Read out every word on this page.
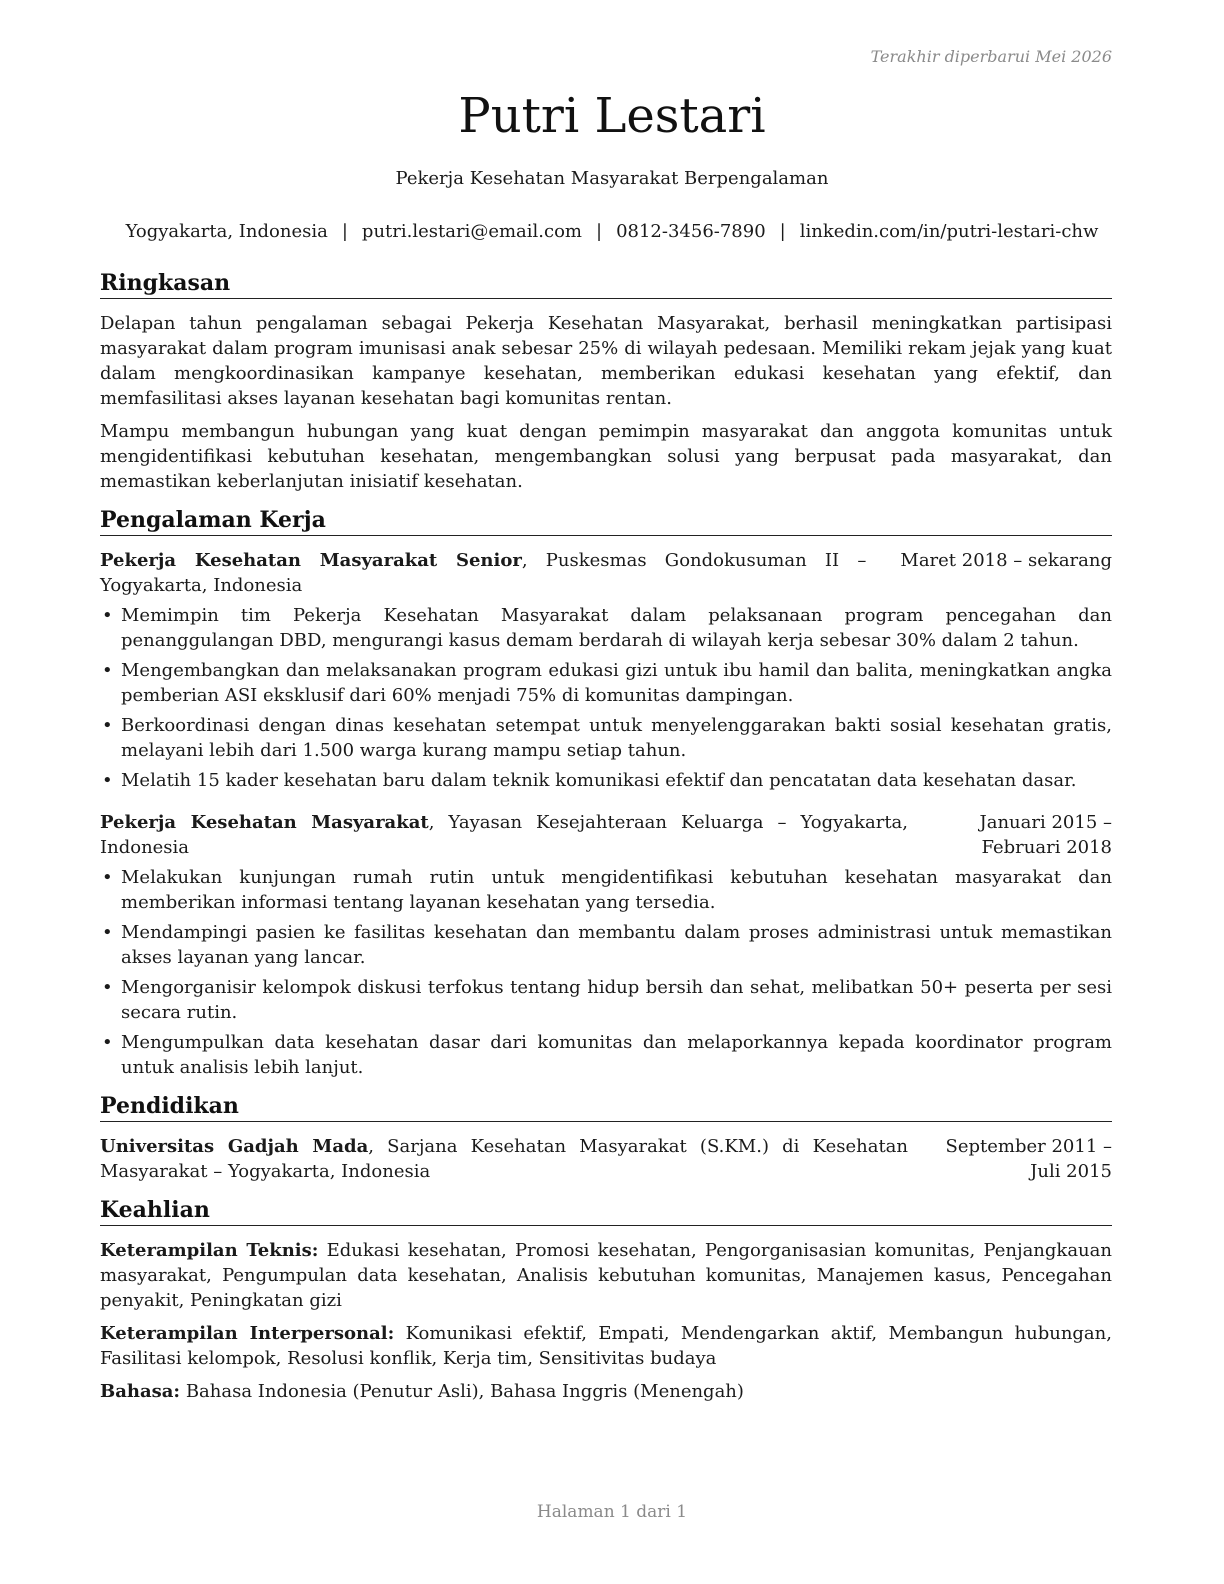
Terakhir diperbarui Mei 2026
Putri Lestari
Pekerja Kesehatan Masyarakat Berpengalaman
Yogyakarta, Indonesia | putri.lestari@email.com | 0812-3456-7890 | linkedin.com/in/putri-lestari-chw
Ringkasan

Delapan tahun pengalaman sebagai Pekerja Kesehatan Masyarakat, berhasil meningkatkan partisipasi masyarakat dalam program imunisasi anak sebesar 25% di wilayah pedesaan. Memiliki rekam jejak yang kuat dalam mengkoordinasikan kampanye kesehatan, memberikan edukasi kesehatan yang efektif, dan memfasilitasi akses layanan kesehatan bagi komunitas rentan.

Mampu membangun hubungan yang kuat dengan pemimpin masyarakat dan anggota komunitas untuk mengidentifikasi kebutuhan kesehatan, mengembangkan solusi yang berpusat pada masyarakat, dan memastikan keberlanjutan inisiatif kesehatan.

Pengalaman Kerja
Pekerja Kesehatan Masyarakat Senior, Puskesmas Gondokusuman II – Yogyakarta, Indonesia
Maret 2018 – sekarang
• Memimpin tim Pekerja Kesehatan Masyarakat dalam pelaksanaan program pencegahan dan penanggulangan DBD, mengurangi kasus demam berdarah di wilayah kerja sebesar 30% dalam 2 tahun.
• Mengembangkan dan melaksanakan program edukasi gizi untuk ibu hamil dan balita, meningkatkan angka pemberian ASI eksklusif dari 60% menjadi 75% di komunitas dampingan.
• Berkoordinasi dengan dinas kesehatan setempat untuk menyelenggarakan bakti sosial kesehatan gratis, melayani lebih dari 1.500 warga kurang mampu setiap tahun.
• Melatih 15 kader kesehatan baru dalam teknik komunikasi efektif dan pencatatan data kesehatan dasar.
Pekerja Kesehatan Masyarakat, Yayasan Kesejahteraan Keluarga – Yogyakarta, Indonesia
Januari 2015 – Februari 2018
• Melakukan kunjungan rumah rutin untuk mengidentifikasi kebutuhan kesehatan masyarakat dan memberikan informasi tentang layanan kesehatan yang tersedia.
• Mendampingi pasien ke fasilitas kesehatan dan membantu dalam proses administrasi untuk memastikan akses layanan yang lancar.
• Mengorganisir kelompok diskusi terfokus tentang hidup bersih dan sehat, melibatkan 50+ peserta per sesi secara rutin.
• Mengumpulkan data kesehatan dasar dari komunitas dan melaporkannya kepada koordinator program untuk analisis lebih lanjut.
Pendidikan
Universitas Gadjah Mada, Sarjana Kesehatan Masyarakat (S.KM.) di Kesehatan Masyarakat – Yogyakarta, Indonesia
September 2011 – Juli 2015
Keahlian
Keterampilan Teknis: Edukasi kesehatan, Promosi kesehatan, Pengorganisasian komunitas, Penjangkauan masyarakat, Pengumpulan data kesehatan, Analisis kebutuhan komunitas, Manajemen kasus, Pencegahan penyakit, Peningkatan gizi
Keterampilan Interpersonal: Komunikasi efektif, Empati, Mendengarkan aktif, Membangun hubungan, Fasilitasi kelompok, Resolusi konflik, Kerja tim, Sensitivitas budaya
Bahasa: Bahasa Indonesia (Penutur Asli), Bahasa Inggris (Menengah)
Halaman 1 dari 1
